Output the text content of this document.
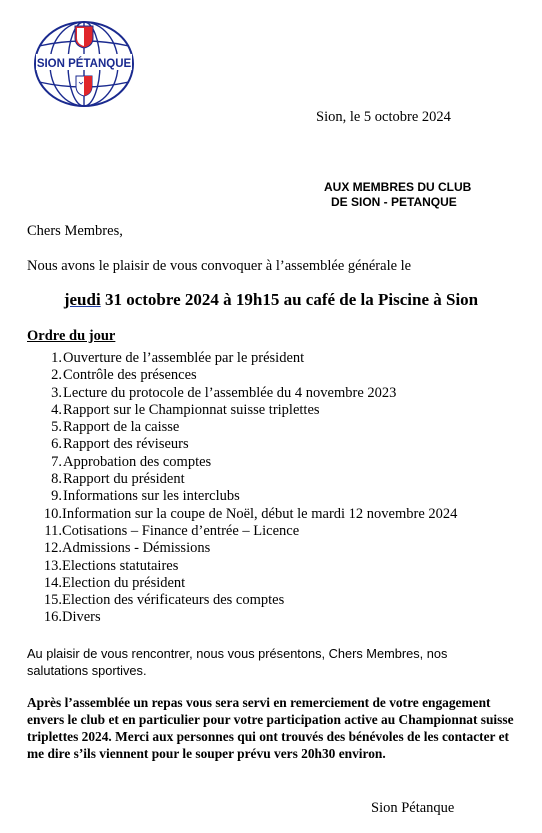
SION PÉTANQUE
Sion, le 5 octobre 2024
AUX MEMBRES DU CLUB
DE SION - PETANQUE
Chers Membres,
Nous avons le plaisir de vous convoquer à l’assemblée générale le
jeudi 31 octobre 2024 à 19h15 au café de la Piscine à Sion
Ordre du jour
1.Ouverture de l’assemblée par le président
2.Contrôle des présences
3.Lecture du protocole de l’assemblée du 4 novembre 2023
4.Rapport sur le Championnat suisse triplettes
5.Rapport de la caisse
6.Rapport des réviseurs
7.Approbation des comptes
8.Rapport du président
9.Informations sur les interclubs
10.Information sur la coupe de Noël, début le mardi 12 novembre 2024
11.Cotisations – Finance d’entrée – Licence
12.Admissions - Démissions
13.Elections statutaires
14.Election du président
15.Election des vérificateurs des comptes
16.Divers
Au plaisir de vous rencontrer, nous vous présentons, Chers Membres, nos salutations sportives.
Après l’assemblée un repas vous sera servi en remerciement de votre engagement envers le club et en particulier pour votre participation active au Championnat suisse triplettes 2024. Merci aux personnes qui ont trouvés des bénévoles de les contacter et me dire s’ils viennent pour le souper prévu vers 20h30 environ.
Sion Pétanque
